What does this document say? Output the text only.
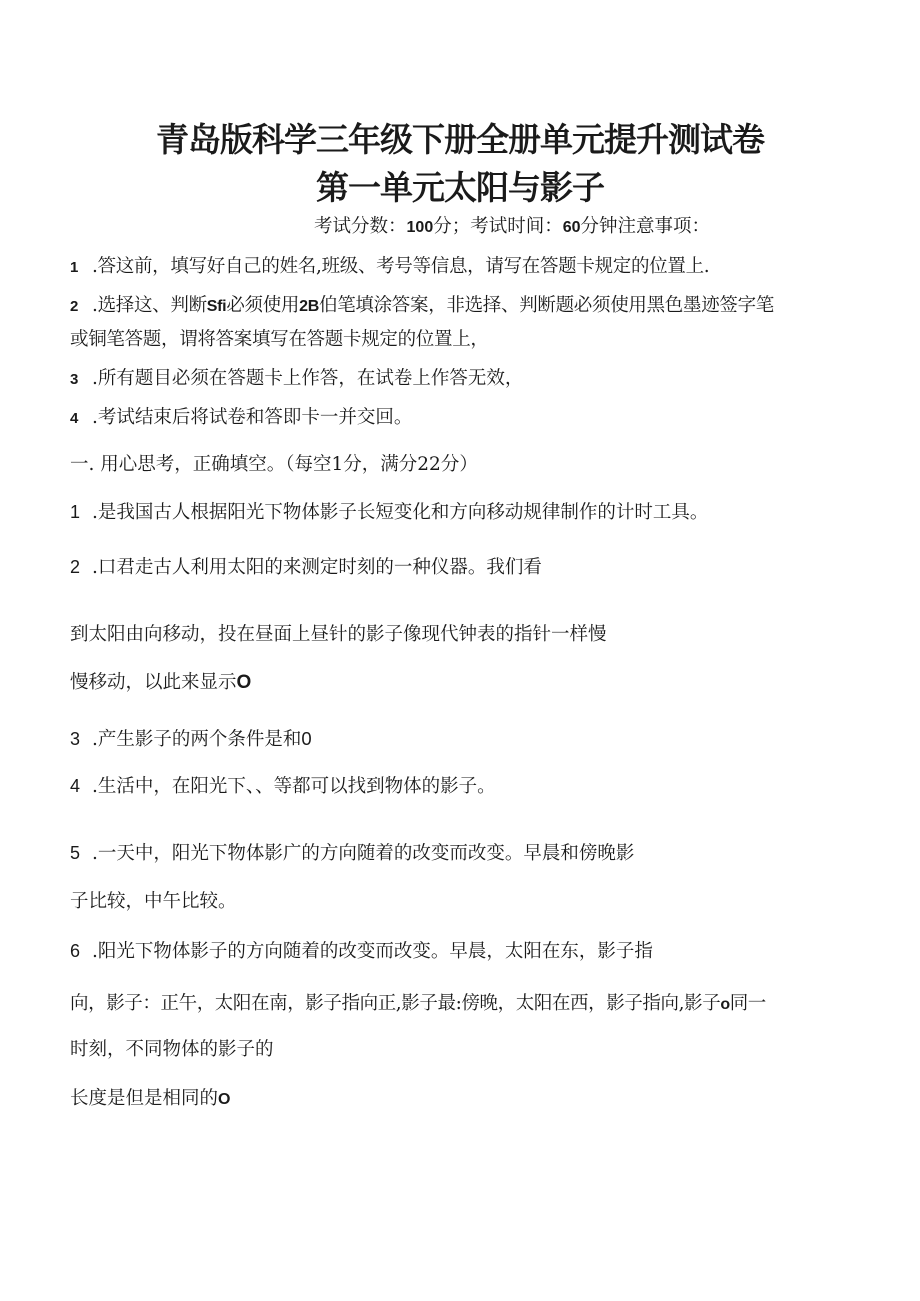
青岛版科学三年级下册全册单元提升测试卷
第一单元太阳与影子

考试分数：100分；考试时间：60分钟注意事项：

1 .答这前，填写好自己的姓名,班级、考号等信息，请写在答题卡规定的位置上.

2 .选择这、判断Sfi必须使用2B伯笔填涂答案，非选择、判断题必须使用黑色墨迹签字笔

或铜笔答题，谓将答案填写在答题卡规定的位置上，

3 .所有题目必须在答题卡上作答，在试卷上作答无效，

4 .考试结束后将试卷和答即卡一并交回。

一. 用心思考，正确填空。（每空1分，满分22分）

1 .是我国古人根据阳光下物体影子长短变化和方向移动规律制作的计时工具。

2 .口君走古人利用太阳的来测定时刻的一种仪器。我们看

到太阳由向移动，投在昼面上昼针的影子像现代钟表的指针一样慢

慢移动，以此来显示O

3 .产生影子的两个条件是和0

4 .生活中，在阳光下、、等都可以找到物体的影子。

5 .一天中，阳光下物体影广的方向随着的改变而改变。早晨和傍晚影

子比较，中午比较。

6 .阳光下物体影子的方向随着的改变而改变。早晨，太阳在东，影子指

向，影子：正午，太阳在南，影子指向正,影子最:傍晚，太阳在西，影子指向,影子o同一

时刻，不同物体的影子的

长度是但是相同的O
